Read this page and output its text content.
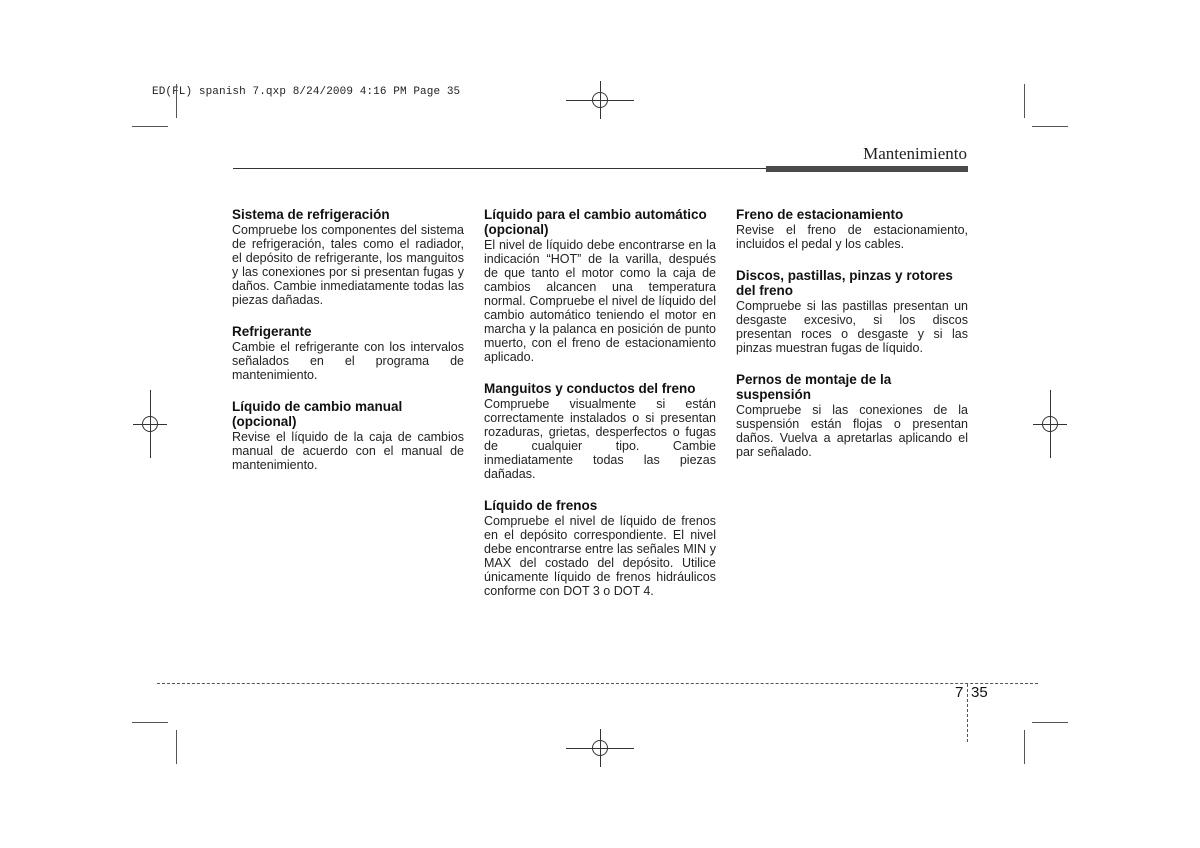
ED(FL) spanish 7.qxp 8/24/2009 4:16 PM Page 35
Mantenimiento
Sistema de refrigeración
Compruebe los componentes del sistema de refrigeración, tales como el radiador, el depósito de refrigerante, los manguitos y las conexiones por si presentan fugas y daños. Cambie inmediatamente todas las piezas dañadas.
Refrigerante
Cambie el refrigerante con los intervalos señalados en el programa de mantenimiento.
Líquido de cambio manual (opcional)
Revise el líquido de la caja de cambios manual de acuerdo con el manual de mantenimiento.
Líquido para el cambio automático (opcional)
El nivel de líquido debe encontrarse en la indicación “HOT” de la varilla, después de que tanto el motor como la caja de cambios alcancen una temperatura normal. Compruebe el nivel de líquido del cambio automático teniendo el motor en marcha y la palanca en posición de punto muerto, con el freno de estacionamiento aplicado.
Manguitos y conductos del freno
Compruebe visualmente si están correctamente instalados o si presentan rozaduras, grietas, desperfectos o fugas de cualquier tipo. Cambie inmediatamente todas las piezas dañadas.
Líquido de frenos
Compruebe el nivel de líquido de frenos en el depósito correspondiente. El nivel debe encontrarse entre las señales MIN y MAX del costado del depósito. Utilice únicamente líquido de frenos hidráulicos conforme con DOT 3 o DOT 4.
Freno de estacionamiento
Revise el freno de estacionamiento, incluidos el pedal y los cables.
Discos, pastillas, pinzas y rotores del freno
Compruebe si las pastillas presentan un desgaste excesivo, si los discos presentan roces o desgaste y si las pinzas muestran fugas de líquido.
Pernos de montaje de la suspensión
Compruebe si las conexiones de la suspensión están flojas o presentan daños. Vuelva a apretarlas aplicando el par señalado.
7 35
